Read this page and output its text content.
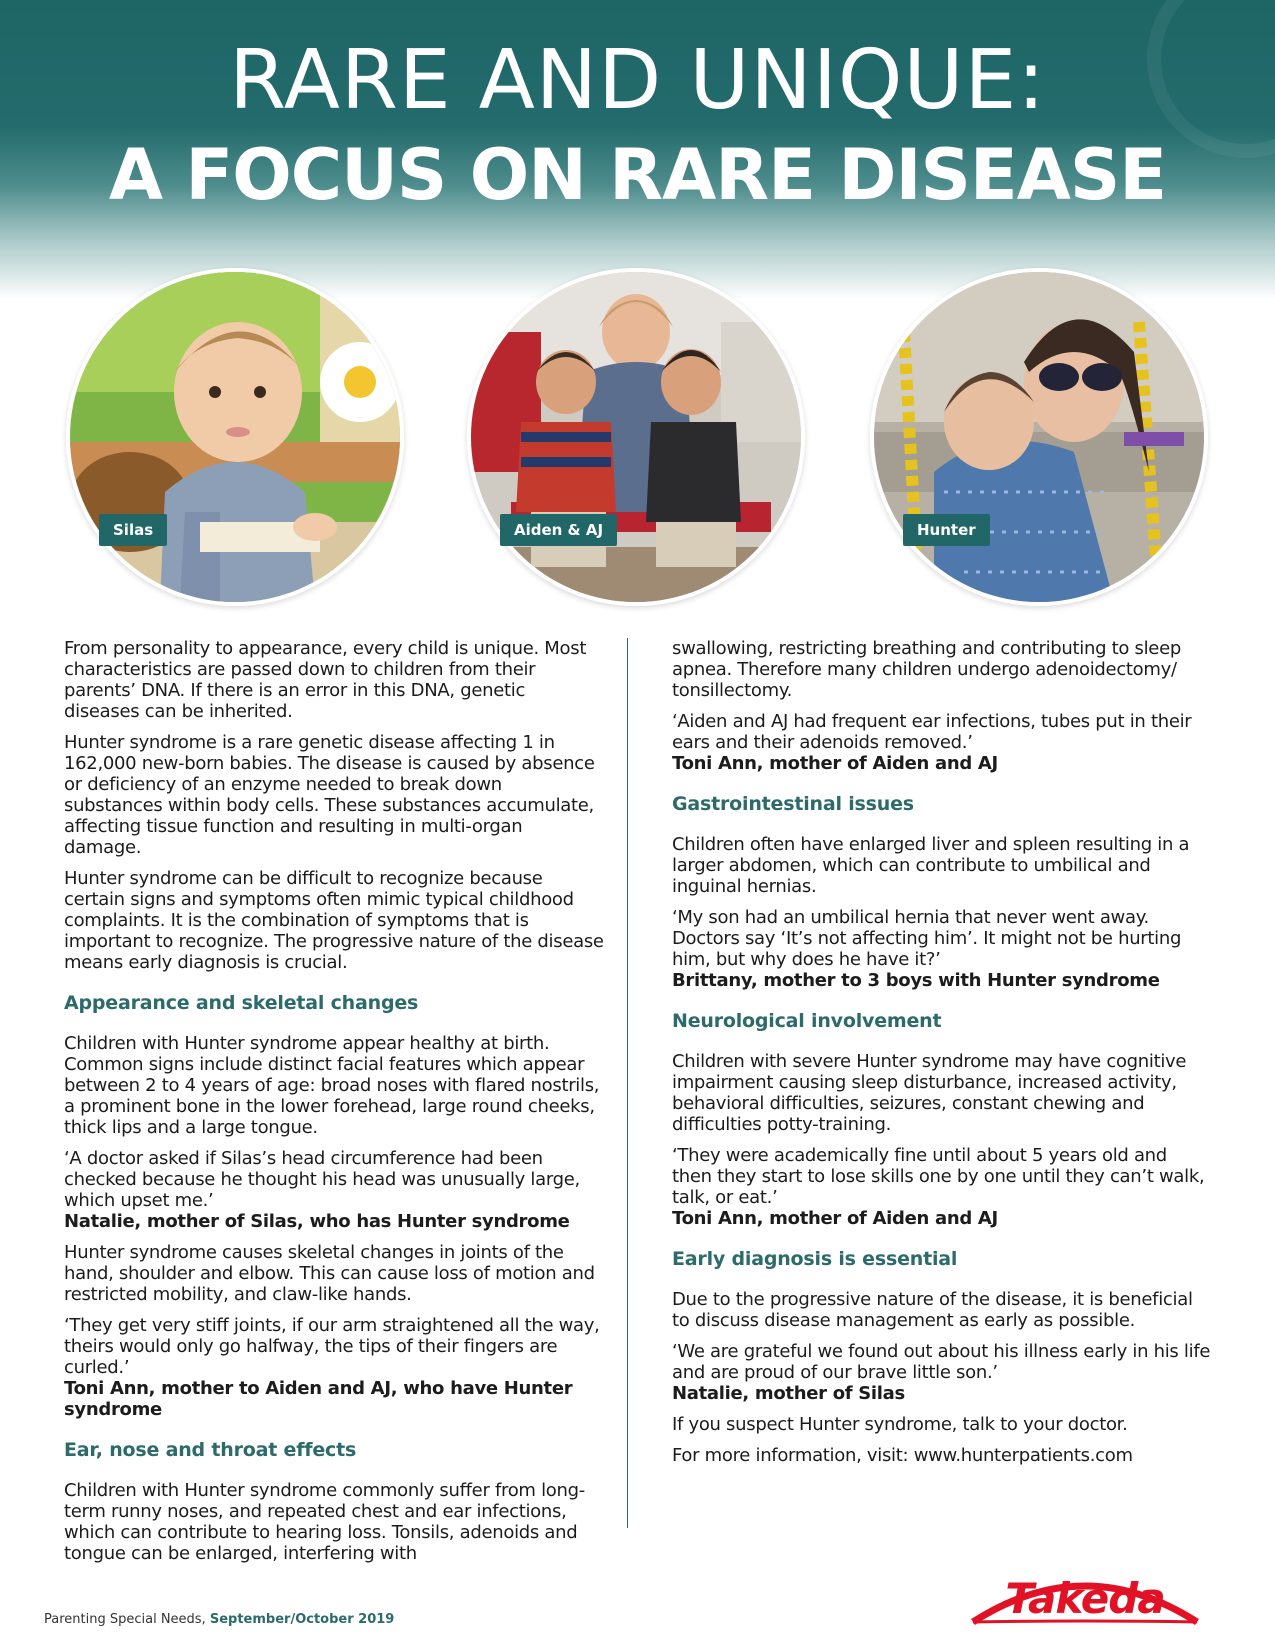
RARE AND UNIQUE:
A FOCUS ON RARE DISEASE
Silas	Aiden & AJ	Hunter

From personality to appearance, every child is unique. Most characteristics are passed down to children from their parents’ DNA. If there is an error in this DNA, genetic diseases can be inherited.

Hunter syndrome is a rare genetic disease affecting 1 in 162,000 new-born babies. The disease is caused by absence or deficiency of an enzyme needed to break down substances within body cells. These substances accumulate, affecting tissue function and resulting in multi-organ damage.

Hunter syndrome can be difficult to recognize because certain signs and symptoms often mimic typical childhood complaints. It is the combination of symptoms that is important to recognize. The progressive nature of the disease means early diagnosis is crucial.

Appearance and skeletal changes

Children with Hunter syndrome appear healthy at birth. Common signs include distinct facial features which appear between 2 to 4 years of age: broad noses with flared nostrils, a prominent bone in the lower forehead, large round cheeks, thick lips and a large tongue.

‘A doctor asked if Silas’s head circumference had been checked because he thought his head was unusually large, which upset me.’
Natalie, mother of Silas, who has Hunter syndrome

Hunter syndrome causes skeletal changes in joints of the hand, shoulder and elbow. This can cause loss of motion and restricted mobility, and claw-like hands.

‘They get very stiff joints, if our arm straightened all the way, theirs would only go halfway, the tips of their fingers are curled.’
Toni Ann, mother to Aiden and AJ, who have Hunter syndrome

Ear, nose and throat effects

Children with Hunter syndrome commonly suffer from long-term runny noses, and repeated chest and ear infections, which can contribute to hearing loss. Tonsils, adenoids and tongue can be enlarged, interfering with

swallowing, restricting breathing and contributing to sleep apnea. Therefore many children undergo adenoidectomy/ tonsillectomy.

‘Aiden and AJ had frequent ear infections, tubes put in their ears and their adenoids removed.’
Toni Ann, mother of Aiden and AJ

Gastrointestinal issues

Children often have enlarged liver and spleen resulting in a larger abdomen, which can contribute to umbilical and inguinal hernias.

‘My son had an umbilical hernia that never went away. Doctors say ‘It’s not affecting him’. It might not be hurting him, but why does he have it?’
Brittany, mother to 3 boys with Hunter syndrome

Neurological involvement

Children with severe Hunter syndrome may have cognitive impairment causing sleep disturbance, increased activity, behavioral difficulties, seizures, constant chewing and difficulties potty-training.

‘They were academically fine until about 5 years old and then they start to lose skills one by one until they can’t walk, talk, or eat.’
Toni Ann, mother of Aiden and AJ

Early diagnosis is essential

Due to the progressive nature of the disease, it is beneficial to discuss disease management as early as possible.

‘We are grateful we found out about his illness early in his life and are proud of our brave little son.’
Natalie, mother of Silas

If you suspect Hunter syndrome, talk to your doctor.

For more information, visit: www.hunterpatients.com

Parenting Special Needs, September/October 2019	Takeda
